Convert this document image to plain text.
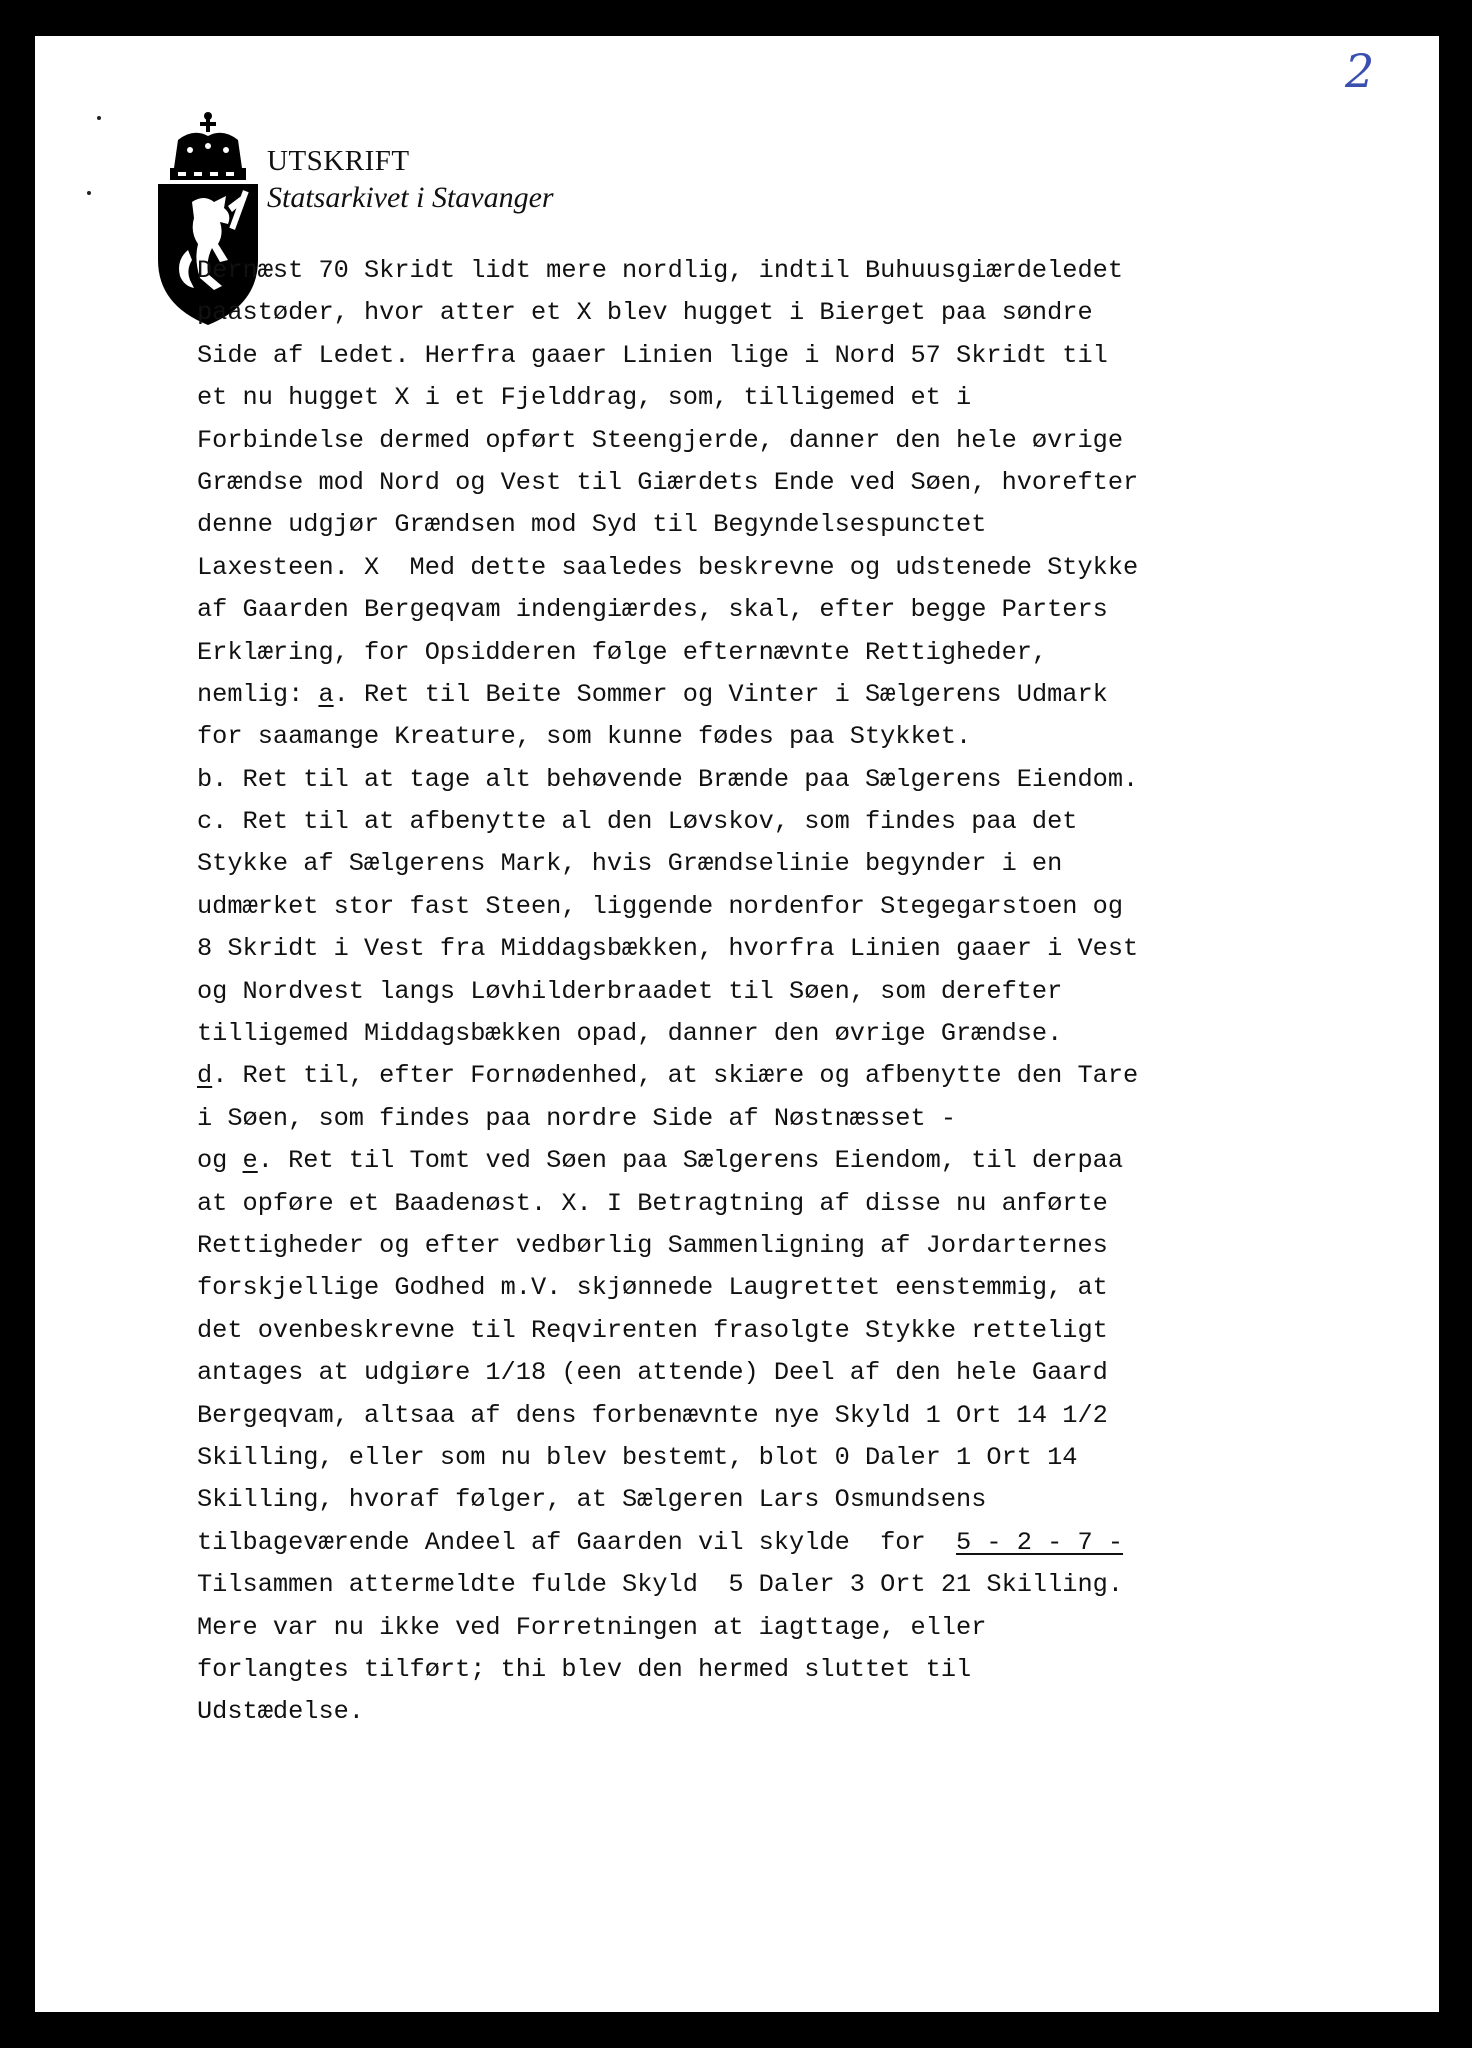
2
UTSKRIFT
Statsarkivet i Stavanger
Dernæst 70 Skridt lidt mere nordlig, indtil Buhuusgiærdeledet
paastøder, hvor atter et X blev hugget i Bierget paa søndre
Side af Ledet. Herfra gaaer Linien lige i Nord 57 Skridt til
et nu hugget X i et Fjelddrag, som, tilligemed et i
Forbindelse dermed opført Steengjerde, danner den hele øvrige
Grændse mod Nord og Vest til Giærdets Ende ved Søen, hvorefter
denne udgjør Grændsen mod Syd til Begyndelsespunctet
Laxesteen. X  Med dette saaledes beskrevne og udstenede Stykke
af Gaarden Bergeqvam indengiærdes, skal, efter begge Parters
Erklæring, for Opsidderen følge efternævnte Rettigheder,
nemlig: a. Ret til Beite Sommer og Vinter i Sælgerens Udmark
for saamange Kreature, som kunne fødes paa Stykket.
b. Ret til at tage alt behøvende Brænde paa Sælgerens Eiendom.
c. Ret til at afbenytte al den Løvskov, som findes paa det
Stykke af Sælgerens Mark, hvis Grændselinie begynder i en
udmærket stor fast Steen, liggende nordenfor Stegegarstoen og
8 Skridt i Vest fra Middagsbækken, hvorfra Linien gaaer i Vest
og Nordvest langs Løvhilderbraadet til Søen, som derefter
tilligemed Middagsbækken opad, danner den øvrige Grændse.
d. Ret til, efter Fornødenhed, at skiære og afbenytte den Tare
i Søen, som findes paa nordre Side af Nøstnæsset -
og e. Ret til Tomt ved Søen paa Sælgerens Eiendom, til derpaa
at opføre et Baadenøst. X. I Betragtning af disse nu anførte
Rettigheder og efter vedbørlig Sammenligning af Jordarternes
forskjellige Godhed m.V. skjønnede Laugrettet eenstemmig, at
det ovenbeskrevne til Reqvirenten frasolgte Stykke retteligt
antages at udgiøre 1/18 (een attende) Deel af den hele Gaard
Bergeqvam, altsaa af dens forbenævnte nye Skyld 1 Ort 14 1/2
Skilling, eller som nu blev bestemt, blot 0 Daler 1 Ort 14
Skilling, hvoraf følger, at Sælgeren Lars Osmundsens
tilbageværende Andeel af Gaarden vil skylde  for  5 - 2 - 7 -
Tilsammen attermeldte fulde Skyld  5 Daler 3 Ort 21 Skilling.
Mere var nu ikke ved Forretningen at iagttage, eller
forlangtes tilført; thi blev den hermed sluttet til
Udstædelse.
